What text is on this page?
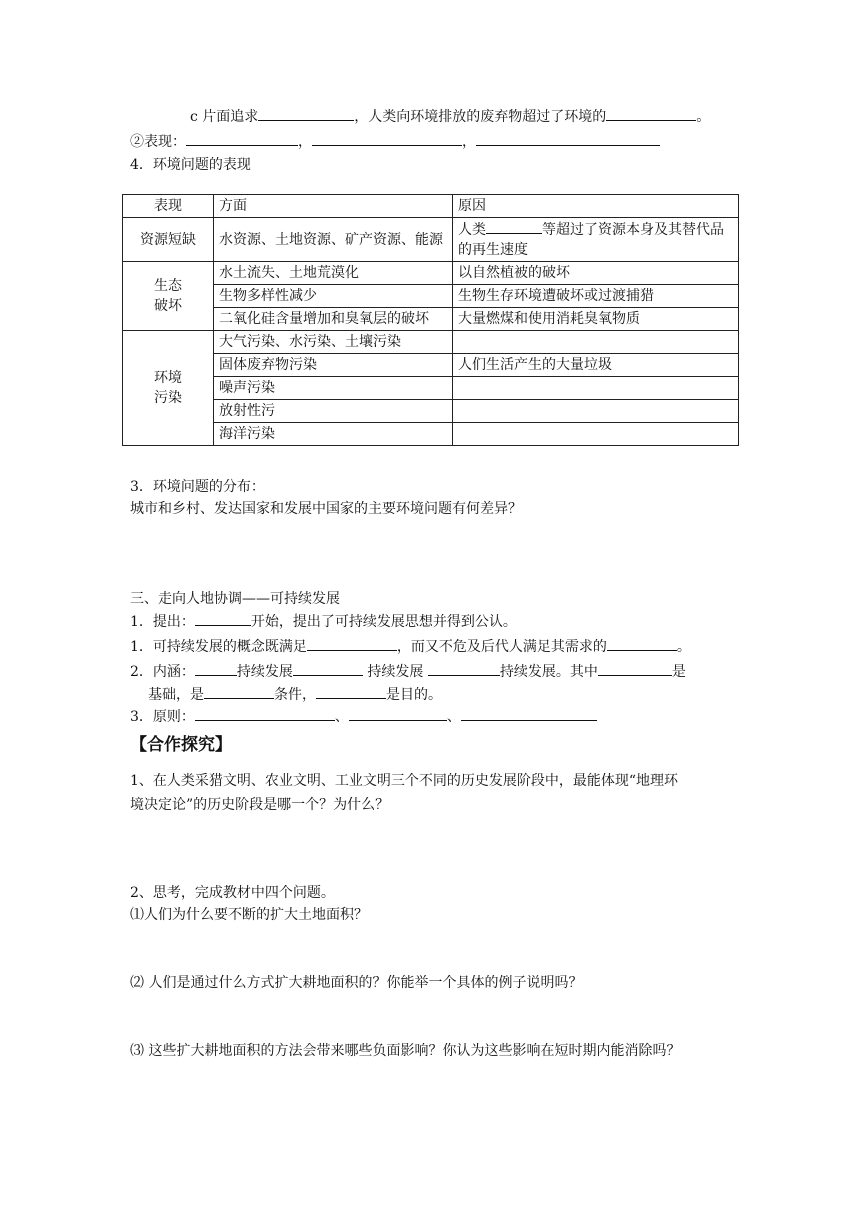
c 片面追求	，人类向环境排放的废弃物超过了环境的	。
②表现：	，	，
4．环境问题的表现
表现	方面	原因
资源短缺	水资源、土地资源、矿产资源、能源	人类 等超过了资源本身及其替代品的再生速度
生态
破坏	水土流失、土地荒漠化	以自然植被的破坏
	生物多样性减少	生物生存环境遭破坏或过渡捕猎
	二氧化硅含量增加和臭氧层的破坏	大量燃煤和使用消耗臭氧物质
环境
污染	大气污染、水污染、土壤污染	
	固体废弃物污染	人们生活产生的大量垃圾
	噪声污染	
	放射性污	
	海洋污染	
3．环境问题的分布：
城市和乡村、发达国家和发展中国家的主要环境问题有何差异？
三、走向人地协调——可持续发展
1．提出：	开始，提出了可持续发展思想并得到公认。
1．可持续发展的概念既满足	，而又不危及后代人满足其需求的	。
2．内涵：	持续发展	持续发展	持续发展。其中	是
基础，是	条件，	是目的。
3．原则：	、	、
【合作探究】
1、在人类采猎文明、农业文明、工业文明三个不同的历史发展阶段中，最能体现“地理环
境决定论”的历史阶段是哪一个？为什么？
2、思考，完成教材中四个问题。
⑴人们为什么要不断的扩大土地面积？
⑵ 人们是通过什么方式扩大耕地面积的？你能举一个具体的例子说明吗？
⑶ 这些扩大耕地面积的方法会带来哪些负面影响？你认为这些影响在短时期内能消除吗？
